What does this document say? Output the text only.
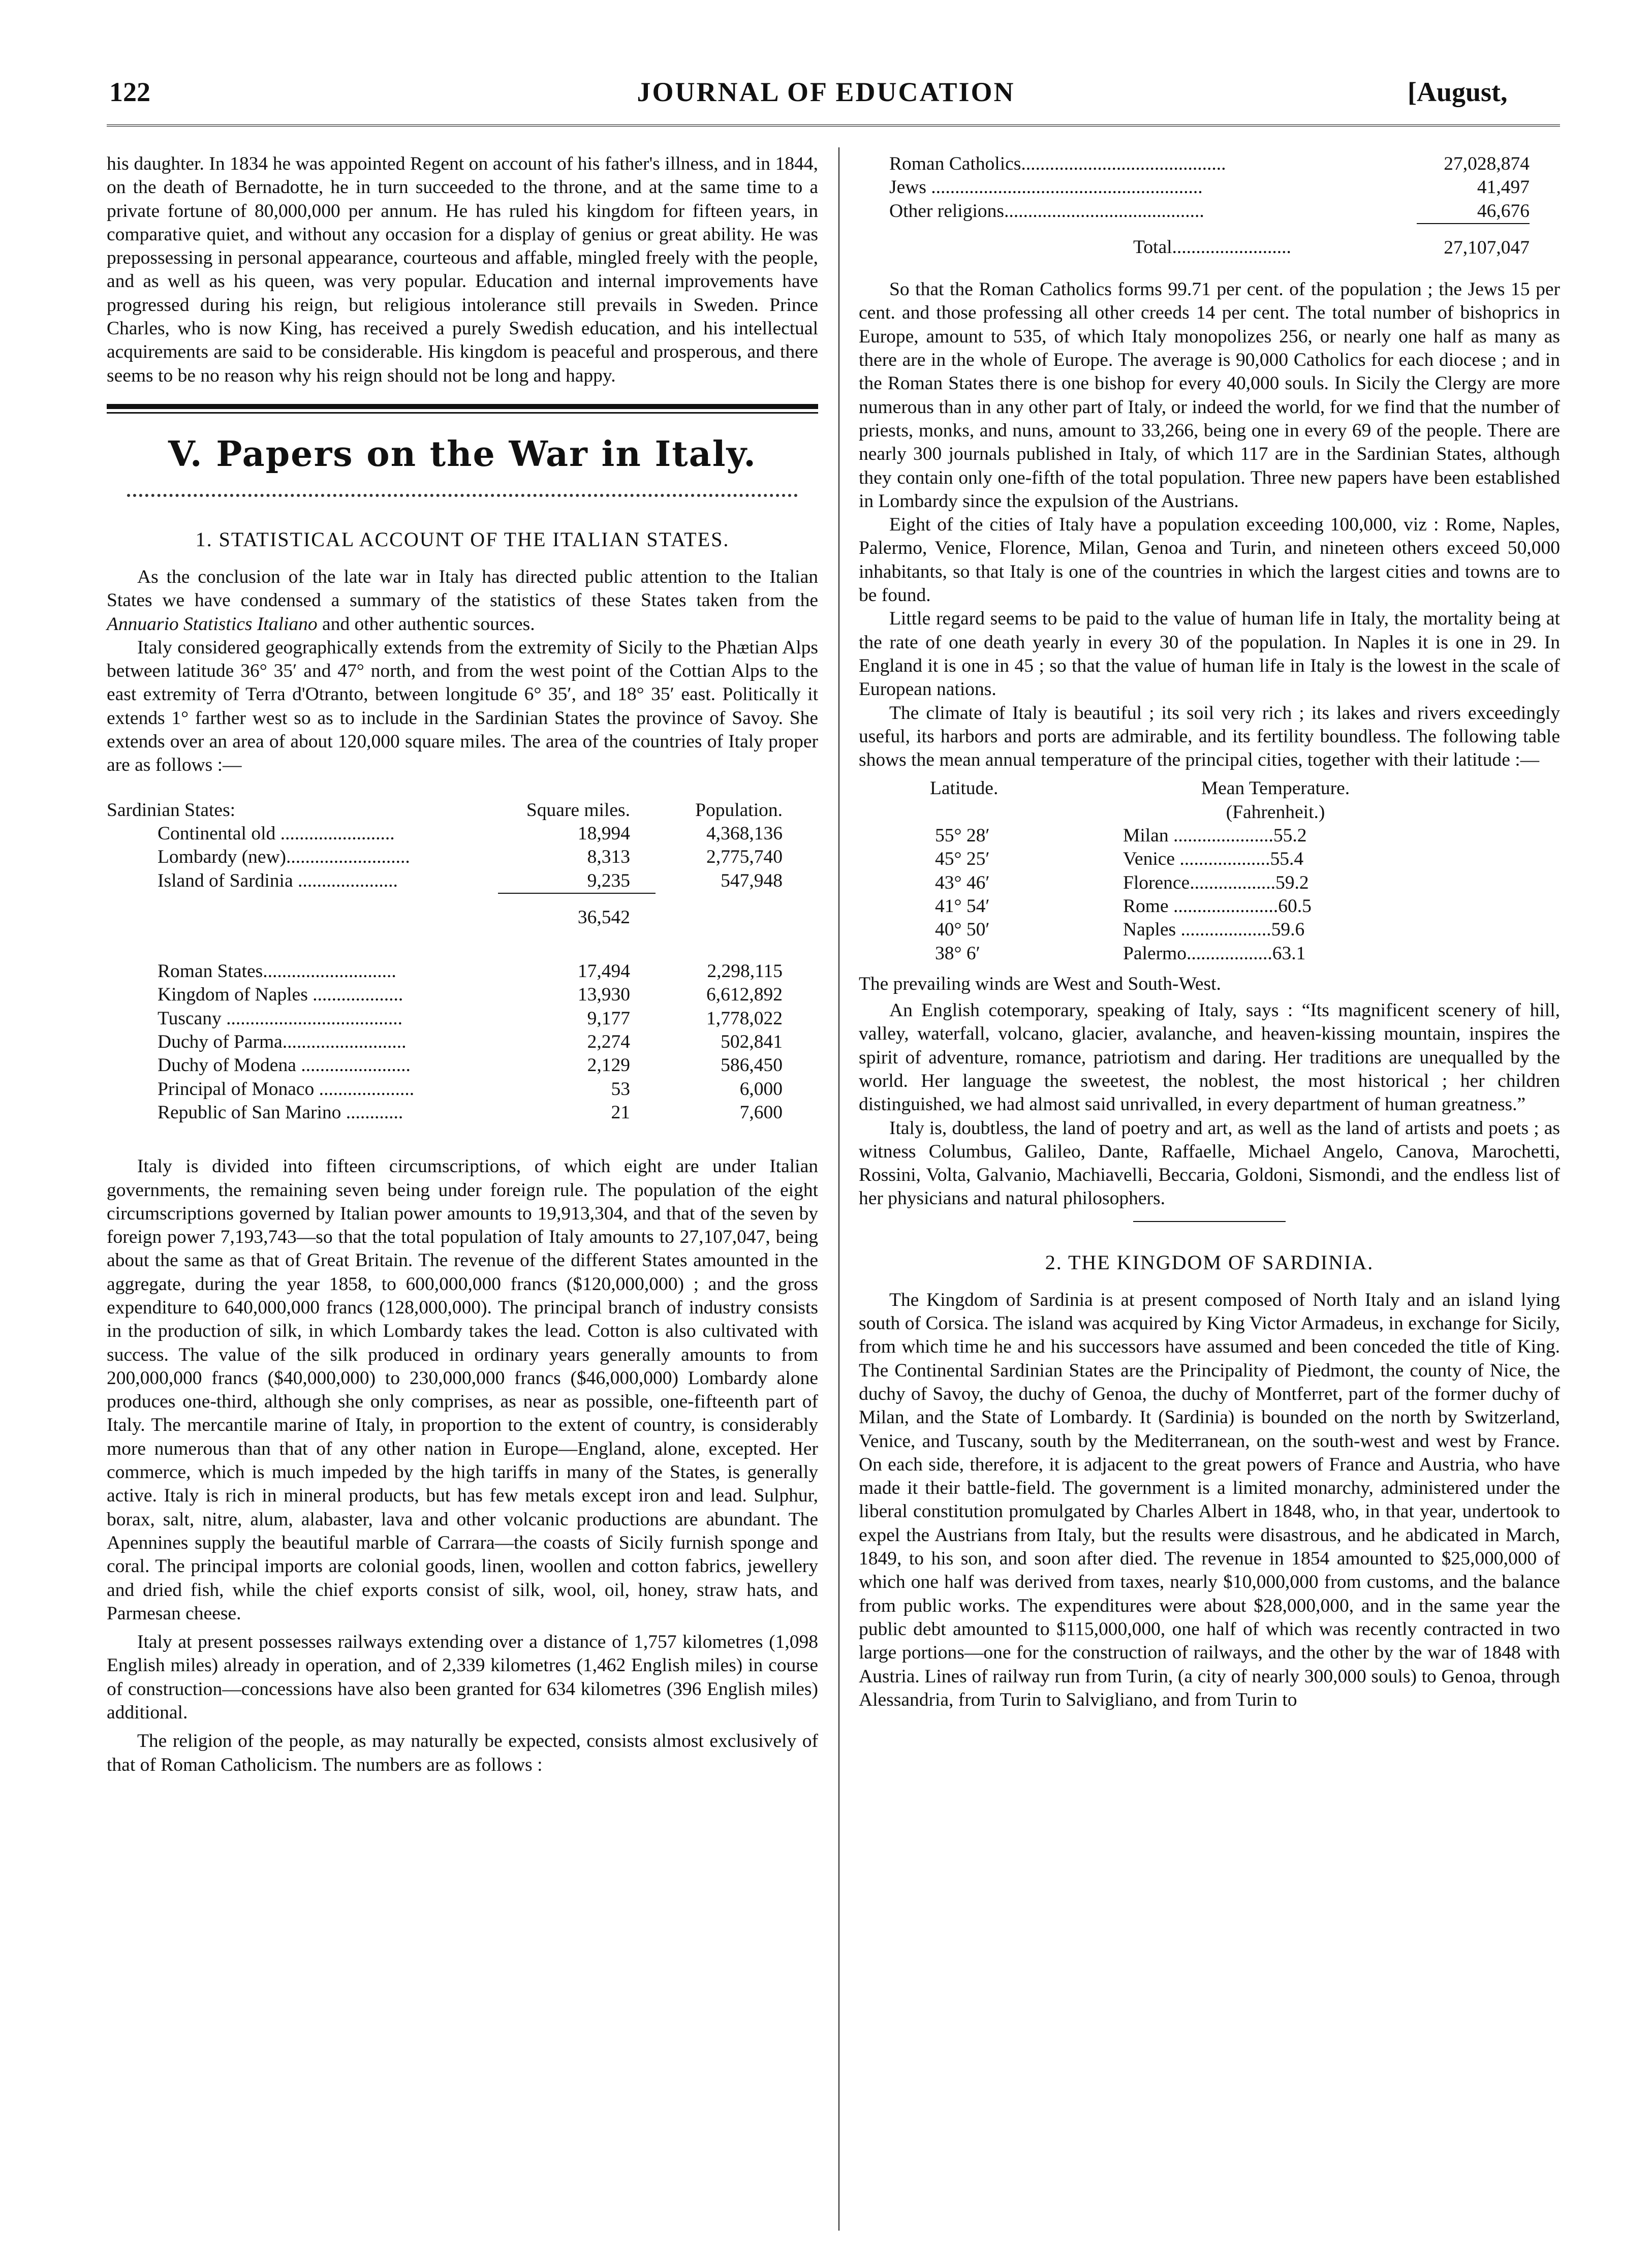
122	JOURNAL OF EDUCATION	[August,

his daughter. In 1834 he was appointed Regent on account of his father's illness, and in 1844, on the death of Bernadotte, he in turn succeeded to the throne, and at the same time to a private fortune of 80,000,000 per annum. He has ruled his kingdom for fifteen years, in comparative quiet, and without any occasion for a display of genius or great ability. He was prepossessing in personal appearance, courteous and affable, mingled freely with the people, and as well as his queen, was very popular. Education and internal improvements have progressed during his reign, but religious intolerance still prevails in Sweden. Prince Charles, who is now King, has received a purely Swedish education, and his intellectual acquirements are said to be considerable. His kingdom is peaceful and prosperous, and there seems to be no reason why his reign should not be long and happy.

V. Papers on the War in Italy.
1. STATISTICAL ACCOUNT OF THE ITALIAN STATES.

As the conclusion of the late war in Italy has directed public attention to the Italian States we have condensed a summary of the statistics of these States taken from the Annuario Statistics Italiano and other authentic sources.

Italy considered geographically extends from the extremity of Sicily to the Phætian Alps between latitude 36° 35′ and 47° north, and from the west point of the Cottian Alps to the east extremity of Terra d'Otranto, between longitude 6° 35′, and 18° 35′ east. Politically it extends 1° farther west so as to include in the Sardinian States the province of Savoy. She extends over an area of about 120,000 square miles. The area of the countries of Italy proper are as follows :—

Sardinian States:	Square miles.	Population.
Continental old ........................	18,994	4,368,136
Lombardy (new)..........................	8,313	2,775,740
Island of Sardinia .....................	9,235	547,948
	36,542	
Roman States............................	17,494	2,298,115
Kingdom of Naples ...................	13,930	6,612,892
Tuscany .....................................	9,177	1,778,022
Duchy of Parma..........................	2,274	502,841
Duchy of Modena .......................	2,129	586,450
Principal of Monaco ....................	53	6,000
Republic of San Marino ............	21	7,600

Italy is divided into fifteen circumscriptions, of which eight are under Italian governments, the remaining seven being under foreign rule. The population of the eight circumscriptions governed by Italian power amounts to 19,913,304, and that of the seven by foreign power 7,193,743—so that the total population of Italy amounts to 27,107,047, being about the same as that of Great Britain. The revenue of the different States amounted in the aggregate, during the year 1858, to 600,000,000 francs ($120,000,000) ; and the gross expenditure to 640,000,000 francs (128,000,000). The principal branch of industry consists in the production of silk, in which Lombardy takes the lead. Cotton is also cultivated with success. The value of the silk produced in ordinary years generally amounts to from 200,000,000 francs ($40,000,000) to 230,000,000 francs ($46,000,000) Lombardy alone produces one-third, although she only comprises, as near as possible, one-fifteenth part of Italy. The mercantile marine of Italy, in proportion to the extent of country, is considerably more numerous than that of any other nation in Europe—England, alone, excepted. Her commerce, which is much impeded by the high tariffs in many of the States, is generally active. Italy is rich in mineral products, but has few metals except iron and lead. Sulphur, borax, salt, nitre, alum, alabaster, lava and other volcanic productions are abundant. The Apennines supply the beautiful marble of Carrara—the coasts of Sicily furnish sponge and coral. The principal imports are colonial goods, linen, woollen and cotton fabrics, jewellery and dried fish, while the chief exports consist of silk, wool, oil, honey, straw hats, and Parmesan cheese.

Italy at present possesses railways extending over a distance of 1,757 kilometres (1,098 English miles) already in operation, and of 2,339 kilometres (1,462 English miles) in course of construction—concessions have also been granted for 634 kilometres (396 English miles) additional.

The religion of the people, as may naturally be expected, consists almost exclusively of that of Roman Catholicism. The numbers are as follows :

Roman Catholics...........................................	27,028,874
Jews .........................................................	41,497
Other religions..........................................	46,676
Total.........................	27,107,047

So that the Roman Catholics forms 99.71 per cent. of the population ; the Jews 15 per cent. and those professing all other creeds 14 per cent. The total number of bishoprics in Europe, amount to 535, of which Italy monopolizes 256, or nearly one half as many as there are in the whole of Europe. The average is 90,000 Catholics for each diocese ; and in the Roman States there is one bishop for every 40,000 souls. In Sicily the Clergy are more numerous than in any other part of Italy, or indeed the world, for we find that the number of priests, monks, and nuns, amount to 33,266, being one in every 69 of the people. There are nearly 300 journals published in Italy, of which 117 are in the Sardinian States, although they contain only one-fifth of the total population. Three new papers have been established in Lombardy since the expulsion of the Austrians.

Eight of the cities of Italy have a population exceeding 100,000, viz : Rome, Naples, Palermo, Venice, Florence, Milan, Genoa and Turin, and nineteen others exceed 50,000 inhabitants, so that Italy is one of the countries in which the largest cities and towns are to be found.

Little regard seems to be paid to the value of human life in Italy, the mortality being at the rate of one death yearly in every 30 of the population. In Naples it is one in 29. In England it is one in 45 ; so that the value of human life in Italy is the lowest in the scale of European nations.

The climate of Italy is beautiful ; its soil very rich ; its lakes and rivers exceedingly useful, its harbors and ports are admirable, and its fertility boundless. The following table shows the mean annual temperature of the principal cities, together with their latitude :—

Latitude.	Mean Temperature.
	(Fahrenheit.)
55° 28′	Milan .....................55.2
45° 25′	Venice ...................55.4
43° 46′	Florence..................59.2
41° 54′	Rome ......................60.5
40° 50′	Naples ...................59.6
38° 6′	Palermo..................63.1

The prevailing winds are West and South-West.

An English cotemporary, speaking of Italy, says : “Its magnificent scenery of hill, valley, waterfall, volcano, glacier, avalanche, and heaven-kissing mountain, inspires the spirit of adventure, romance, patriotism and daring. Her traditions are unequalled by the world. Her language the sweetest, the noblest, the most historical ; her children distinguished, we had almost said unrivalled, in every department of human greatness.”

Italy is, doubtless, the land of poetry and art, as well as the land of artists and poets ; as witness Columbus, Galileo, Dante, Raffaelle, Michael Angelo, Canova, Marochetti, Rossini, Volta, Galvanio, Machiavelli, Beccaria, Goldoni, Sismondi, and the endless list of her physicians and natural philosophers.

2. THE KINGDOM OF SARDINIA.

The Kingdom of Sardinia is at present composed of North Italy and an island lying south of Corsica. The island was acquired by King Victor Armadeus, in exchange for Sicily, from which time he and his successors have assumed and been conceded the title of King. The Continental Sardinian States are the Principality of Piedmont, the county of Nice, the duchy of Savoy, the duchy of Genoa, the duchy of Montferret, part of the former duchy of Milan, and the State of Lombardy. It (Sardinia) is bounded on the north by Switzerland, Venice, and Tuscany, south by the Mediterranean, on the south-west and west by France. On each side, therefore, it is adjacent to the great powers of France and Austria, who have made it their battle-field. The government is a limited monarchy, administered under the liberal constitution promulgated by Charles Albert in 1848, who, in that year, undertook to expel the Austrians from Italy, but the results were disastrous, and he abdicated in March, 1849, to his son, and soon after died. The revenue in 1854 amounted to $25,000,000 of which one half was derived from taxes, nearly $10,000,000 from customs, and the balance from public works. The expenditures were about $28,000,000, and in the same year the public debt amounted to $115,000,000, one half of which was recently contracted in two large portions—one for the construction of railways, and the other by the war of 1848 with Austria. Lines of railway run from Turin, (a city of nearly 300,000 souls) to Genoa, through Alessandria, from Turin to Salvigliano, and from Turin to
